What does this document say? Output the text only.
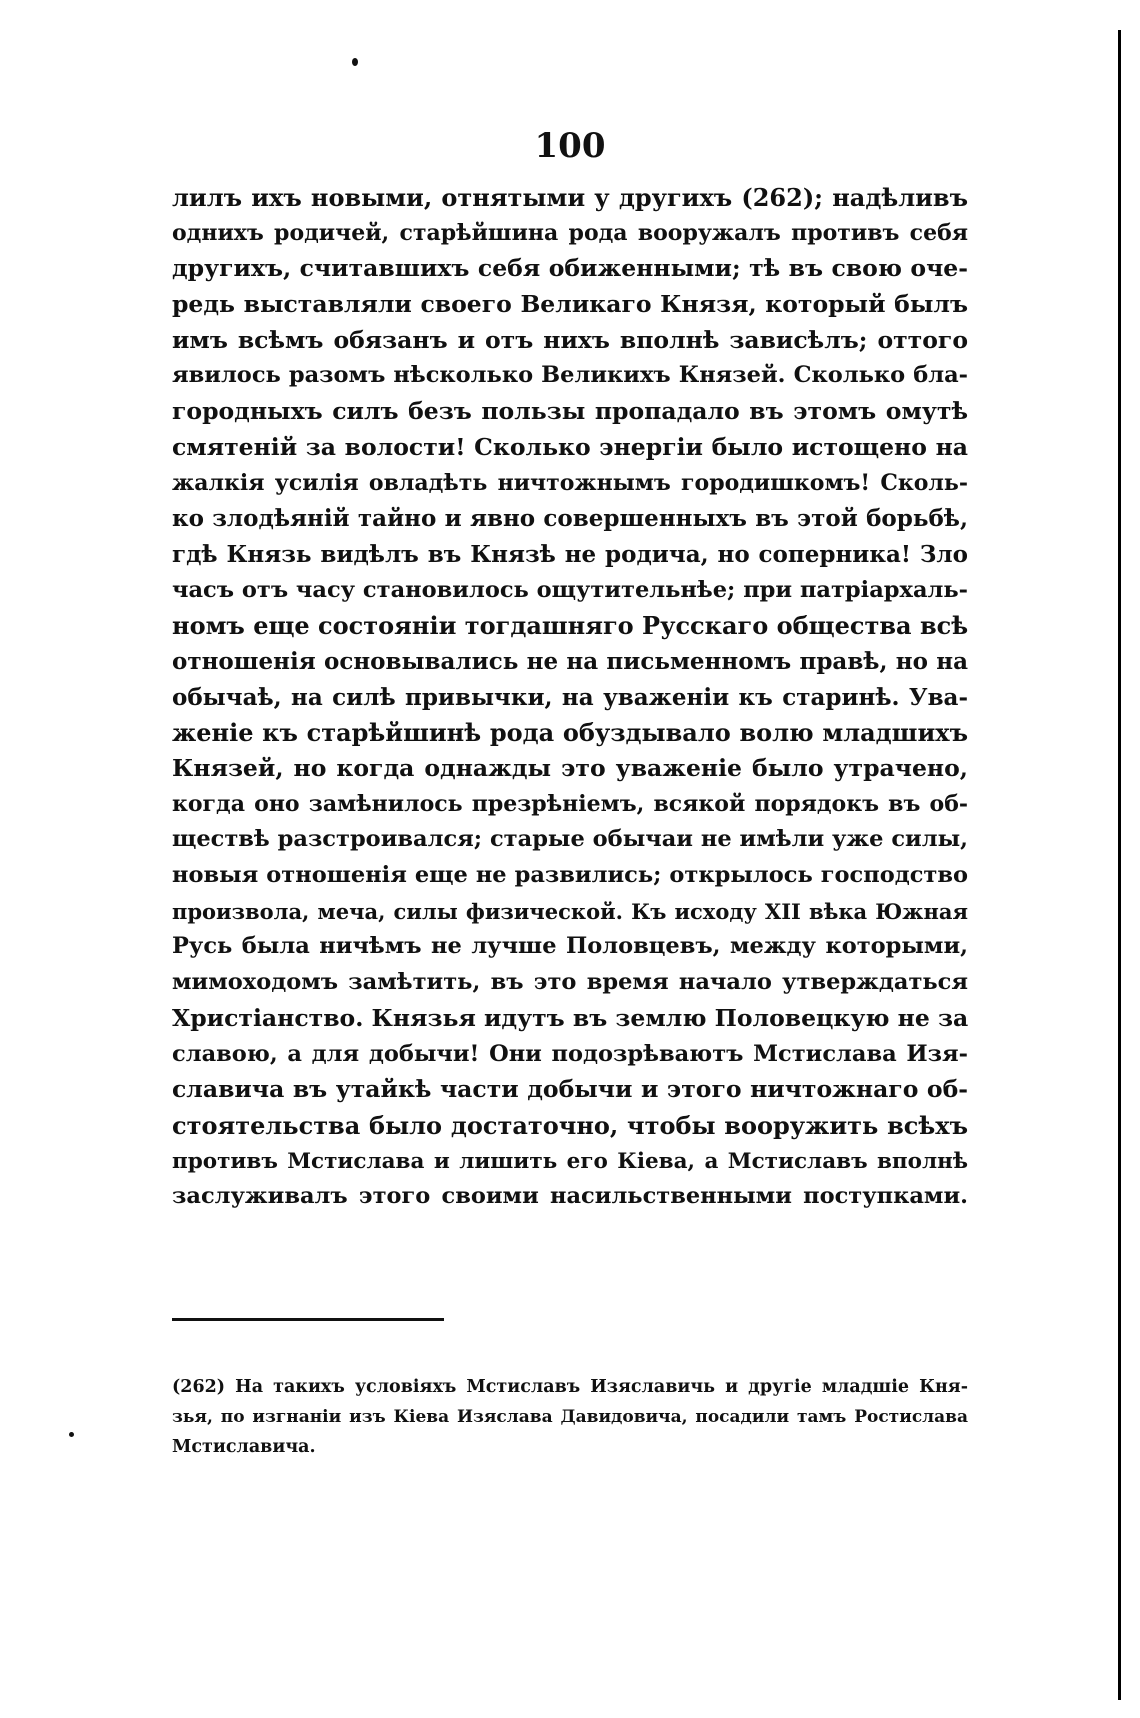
100
лилъ ихъ новыми, отнятыми у другихъ (262); надѣливъ
однихъ родичей, старѣйшина рода вооружалъ противъ себя
другихъ, считавшихъ себя обиженными; тѣ въ свою оче-
редь выставляли своего Великаго Князя, который былъ
имъ всѣмъ обязанъ и отъ нихъ вполнѣ зависѣлъ; оттого
явилось разомъ нѣсколько Великихъ Князей. Сколько бла-
городныхъ силъ безъ пользы пропадало въ этомъ омутѣ
смятеній за волости! Сколько энергіи было истощено на
жалкія усилія овладѣть ничтожнымъ городишкомъ! Сколь-
ко злодѣяній тайно и явно совершенныхъ въ этой борьбѣ,
гдѣ Князь видѣлъ въ Князѣ не родича, но соперника! Зло
часъ отъ часу становилось ощутительнѣе; при патріархаль-
номъ еще состояніи тогдашняго Русскаго общества всѣ
отношенія основывались не на письменномъ правѣ, но на
обычаѣ, на силѣ привычки, на уваженіи къ старинѣ. Ува-
женіе къ старѣйшинѣ рода обуздывало волю младшихъ
Князей, но когда однажды это уваженіе было утрачено,
когда оно замѣнилось презрѣніемъ, всякой порядокъ въ об-
ществѣ разстроивался; старые обычаи не имѣли уже силы,
новыя отношенія еще не развились; открылось господство
произвола, меча, силы физической. Къ исходу XII вѣка Южная
Русь была ничѣмъ не лучше Половцевъ, между которыми,
мимоходомъ замѣтить, въ это время начало утверждаться
Христіанство. Князья идутъ въ землю Половецкую не за
славою, а для добычи! Они подозрѣваютъ Мстислава Изя-
славича въ утайкѣ части добычи и этого ничтожнаго об-
стоятельства было достаточно, чтобы вооружить всѣхъ
противъ Мстислава и лишить его Кіева, а Мстиславъ вполнѣ
заслуживалъ этого своими насильственными поступками.
(262) На такихъ условіяхъ Мстиславъ Изяславичь и другіе младшіе Кня-
зья, по изгнаніи изъ Кіева Изяслава Давидовича, посадили тамъ Ростислава
Мстиславича.
